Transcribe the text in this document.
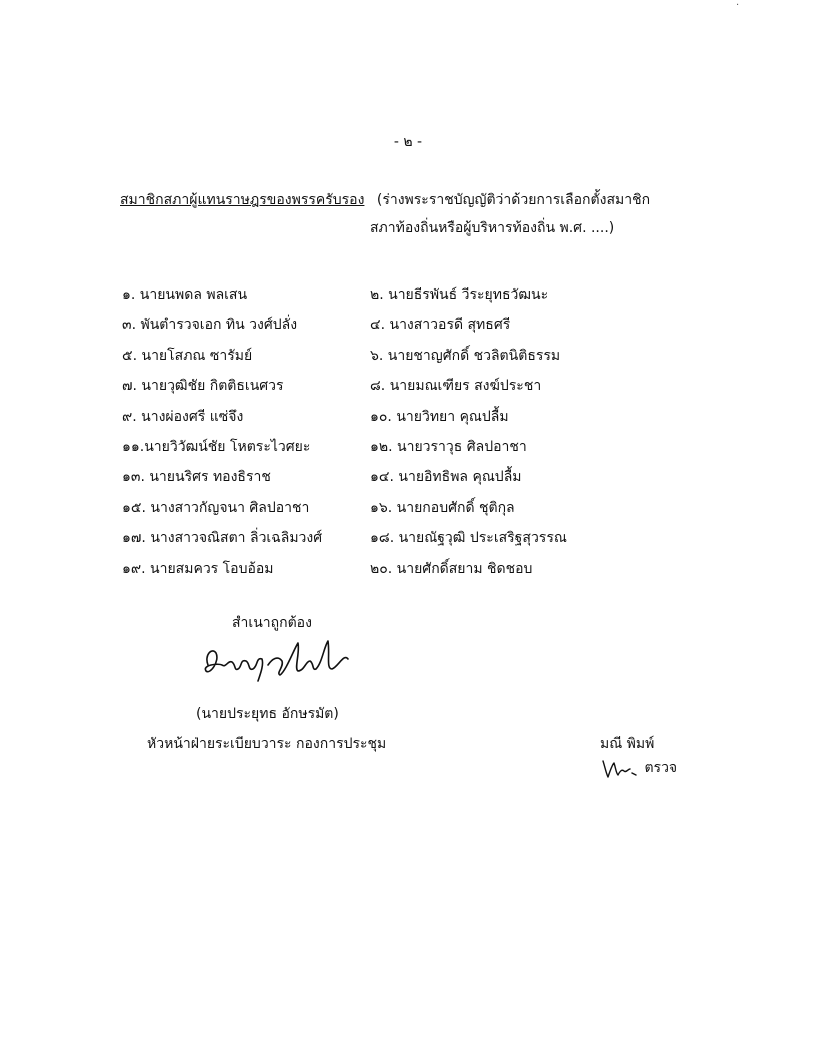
·
- ๒ -
สมาชิกสภาผู้แทนราษฎรของพรรครับรอง (ร่างพระราชบัญญัติว่าด้วยการเลือกตั้งสมาชิก
สภาท้องถิ่นหรือผู้บริหารท้องถิ่น พ.ศ. ....)
๑. นายนพดล พลเสน	๒. นายธีรพันธ์ วีระยุทธวัฒนะ
๓. พันตำรวจเอก ทิน วงศ์ปลั่ง	๔. นางสาวอรดี สุทธศรี
๕. นายโสภณ ซารัมย์	๖. นายชาญศักดิ์ ชวลิตนิติธรรม
๗. นายวุฒิชัย กิตติธเนศวร	๘. นายมณเฑียร สงฆ์ประชา
๙. นางผ่องศรี แซ่จึง	๑๐. นายวิทยา คุณปลื้ม
๑๑.นายวิวัฒน์ชัย โหตระไวศยะ	๑๒. นายวราวุธ ศิลปอาชา
๑๓. นายนริศร ทองธิราช	๑๔. นายอิทธิพล คุณปลื้ม
๑๕. นางสาวกัญจนา ศิลปอาชา	๑๖. นายกอบศักดิ์ ชุติกุล
๑๗. นางสาวจณิสตา ลิ่วเฉลิมวงศ์	๑๘. นายณัฐวุฒิ ประเสริฐสุวรรณ
๑๙. นายสมควร โอบอ้อม	๒๐. นายศักดิ์สยาม ชิดชอบ
สำเนาถูกต้อง
(นายประยุทธ อักษรมัต)
หัวหน้าฝ่ายระเบียบวาระ กองการประชุม	มณี พิมพ์
ตรวจ
